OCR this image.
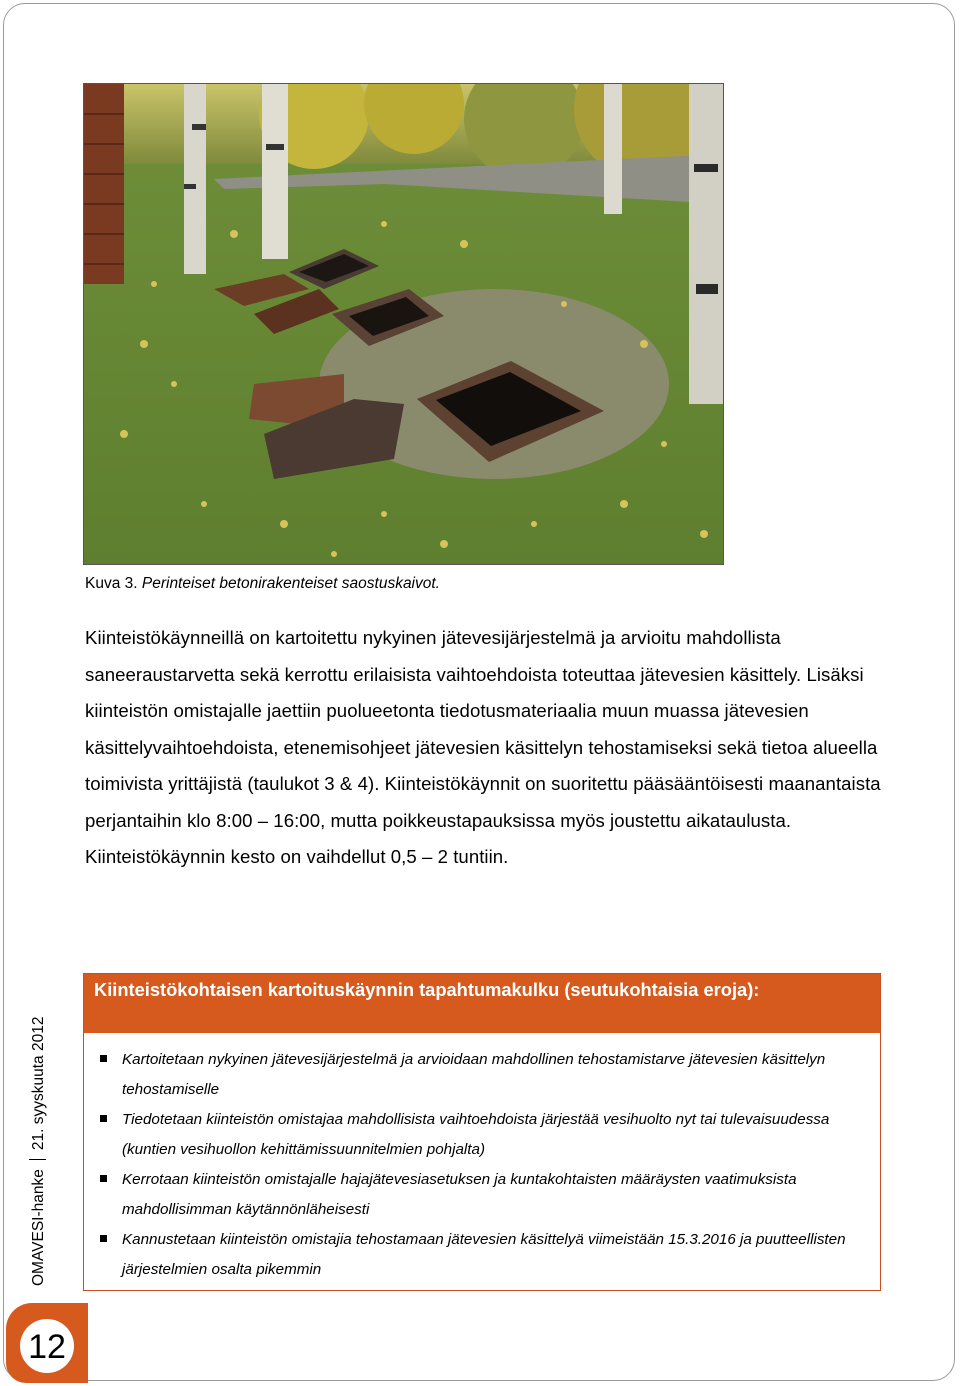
Kuva 3. Perinteiset betonirakenteiset saostuskaivot.

Kiinteistökäynneillä on kartoitettu nykyinen jätevesijärjestelmä ja arvioitu mahdollista saneeraustarvetta sekä kerrottu erilaisista vaihtoehdoista toteuttaa jätevesien käsittely. Lisäksi kiinteistön omistajalle jaettiin puolueetonta tiedotusmateriaalia muun muassa jätevesien käsittelyvaihtoehdoista, etenemisohjeet jätevesien käsittelyn tehostamiseksi sekä tietoa alueella toimivista yrittäjistä (taulukot 3 & 4). Kiinteistökäynnit on suoritettu pääsääntöisesti maanantaista perjantaihin klo 8:00 – 16:00, mutta poikkeustapauksissa myös joustettu aikataulusta. Kiinteistökäynnin kesto on vaihdellut 0,5 – 2 tuntiin.

Kiinteistökohtaisen kartoituskäynnin tapahtumakulku (seutukohtaisia eroja):
Kartoitetaan nykyinen jätevesijärjestelmä ja arvioidaan mahdollinen tehostamistarve jätevesien käsittelyn tehostamiselle
Tiedotetaan kiinteistön omistajaa mahdollisista vaihtoehdoista järjestää vesihuolto nyt tai tulevaisuudessa (kuntien vesihuollon kehittämissuunnitelmien pohjalta)
Kerrotaan kiinteistön omistajalle hajajätevesiasetuksen ja kuntakohtaisten määräysten vaatimuksista mahdollisimman käytännönläheisesti
Kannustetaan kiinteistön omistajia tehostamaan jätevesien käsittelyä viimeistään 15.3.2016 ja puutteellisten järjestelmien osalta pikemmin
OMAVESI-hanke21. syyskuuta 2012
12
